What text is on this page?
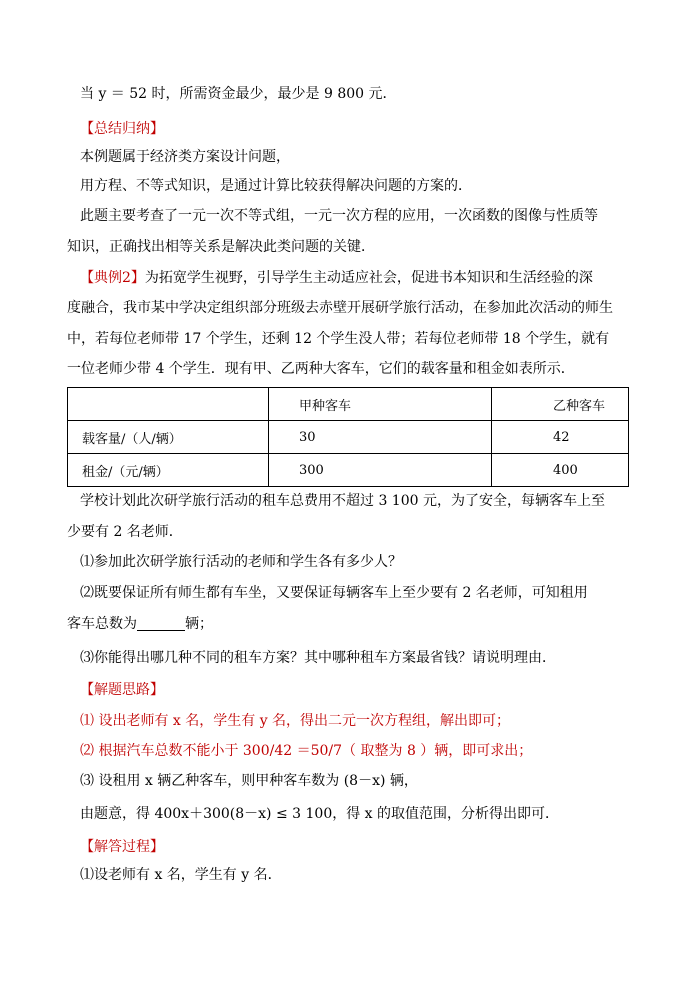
当 y ＝ 52 时，所需资金最少，最少是 9 800 元．
【总结归纳】
本例题属于经济类方案设计问题，
用方程、不等式知识，是通过计算比较获得解决问题的方案的．
此题主要考查了一元一次不等式组，一元一次方程的应用，一次函数的图像与性质等
知识，正确找出相等关系是解决此类问题的关键．
【典例2】为拓宽学生视野，引导学生主动适应社会，促进书本知识和生活经验的深
度融合，我市某中学决定组织部分班级去赤壁开展研学旅行活动，在参加此次活动的师生
中，若每位老师带 17 个学生，还剩 12 个学生没人带；若每位老师带 18 个学生，就有
一位老师少带 4 个学生．现有甲、乙两种大客车，它们的载客量和租金如表所示．
	甲种客车	乙种客车
载客量/（人/辆）	30	42
租金/（元/辆）	300	400
学校计划此次研学旅行活动的租车总费用不超过 3 100 元，为了安全，每辆客车上至
少要有 2 名老师．
⑴参加此次研学旅行活动的老师和学生各有多少人？
⑵既要保证所有师生都有车坐，又要保证每辆客车上至少要有 2 名老师，可知租用
客车总数为	辆；
⑶你能得出哪几种不同的租车方案？其中哪种租车方案最省钱？请说明理由．
【解题思路】
⑴ 设出老师有 x 名，学生有 y 名，得出二元一次方程组，解出即可；
⑵ 根据汽车总数不能小于 300/42 ＝50/7（ 取整为 8 ）辆，即可求出；
⑶ 设租用 x 辆乙种客车，则甲种客车数为 (8－x) 辆，
由题意，得 400x＋300(8－x) ≤ 3 100，得 x 的取值范围，分析得出即可．
【解答过程】
⑴设老师有 x 名，学生有 y 名．
